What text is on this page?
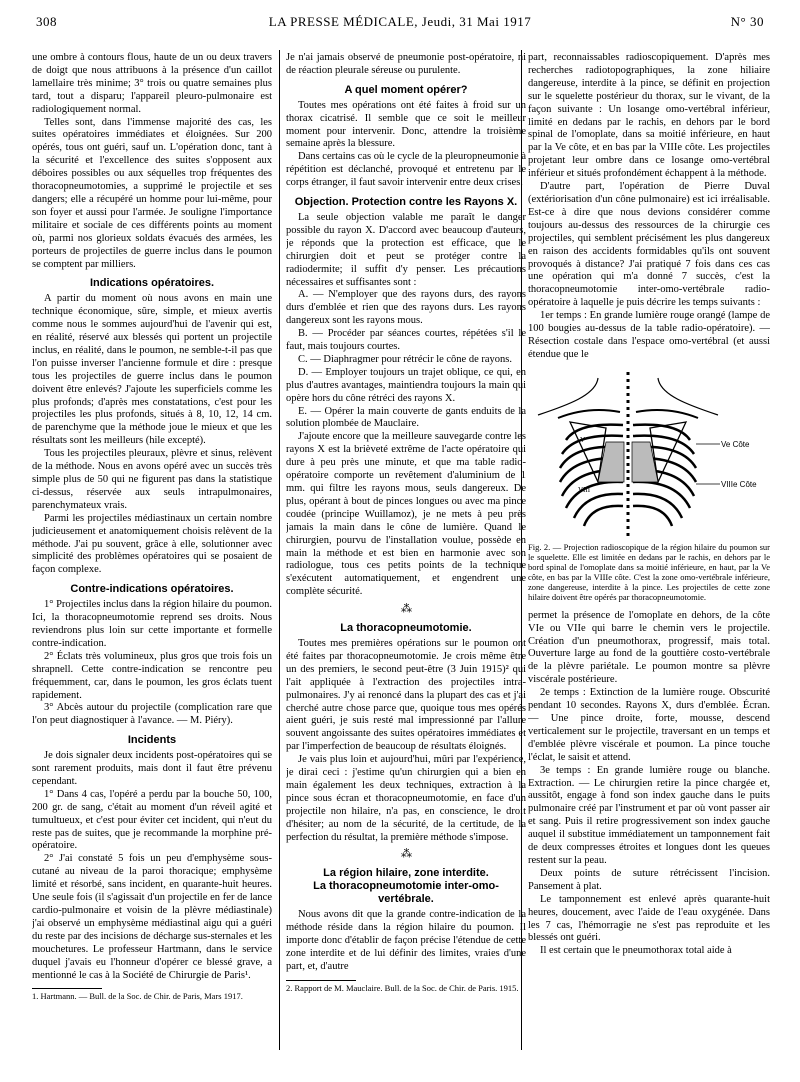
308	LA PRESSE MÉDICALE, Jeudi, 31 Mai 1917	N° 30

une ombre à contours flous, haute de un ou deux travers de doigt que nous attribuons à la présence d'un caillot lamellaire très minime; 3° trois ou quatre semaines plus tard, tout a disparu; l'appareil pleuro-pulmonaire est radiologiquement normal.

Telles sont, dans l'immense majorité des cas, les suites opératoires immédiates et éloignées. Sur 200 opérés, tous ont guéri, sauf un. L'opération donc, tant à la sécurité et l'excellence des suites s'opposent aux déboires possibles ou aux séquelles trop fréquentes des thoracopneumotomies, a supprimé le projectile et ses dangers; elle a récupéré un homme pour lui-même, pour son foyer et aussi pour l'armée. Je souligne l'importance militaire et sociale de ces différents points au moment où, parmi nos glorieux soldats évacués des armées, les porteurs de projectiles de guerre inclus dans le poumon se comptent par milliers.

Indications opératoires.

A partir du moment où nous avons en main une technique économique, sûre, simple, et mieux avertis comme nous le sommes aujourd'hui de l'avenir qui est, en réalité, réservé aux blessés qui portent un projectile inclus, en réalité, dans le poumon, ne semble-t-il pas que l'on puisse inverser l'ancienne formule et dire : presque tous les projectiles de guerre inclus dans le poumon doivent être enlevés? J'ajoute les superficiels comme les plus profonds; d'après mes constatations, c'est pour les projectiles les plus profonds, situés à 8, 10, 12, 14 cm. de parenchyme que la méthode joue le mieux et que les résultats sont les meilleurs (hile excepté).

Tous les projectiles pleuraux, plèvre et sinus, relèvent de la méthode. Nous en avons opéré avec un succès très simple plus de 50 qui ne figurent pas dans la statistique ci-dessus, réservée aux seuls intrapulmonaires, parenchymateux vrais.

Parmi les projectiles médiastinaux un certain nombre judicieusement et anatomiquement choisis relèvent de la méthode. J'ai pu souvent, grâce à elle, solutionner avec simplicité des problèmes opératoires qui se posaient de façon complexe.

Contre-indications opératoires.

1° Projectiles inclus dans la région hilaire du poumon. Ici, la thoracopneumotomie reprend ses droits. Nous reviendrons plus loin sur cette importante et formelle contre-indication.

2° Éclats très volumineux, plus gros que trois fois un shrapnell. Cette contre-indication se rencontre peu fréquemment, car, dans le poumon, les gros éclats tuent rapidement.

3° Abcès autour du projectile (complication rare que l'on peut diagnostiquer à l'avance. — M. Piéry).

Incidents

Je dois signaler deux incidents post-opératoires qui se sont rarement produits, mais dont il faut être prévenu cependant.

1° Dans 4 cas, l'opéré a perdu par la bouche 50, 100, 200 gr. de sang, c'était au moment d'un réveil agité et tumultueux, et c'est pour éviter cet incident, qui n'eut du reste pas de suites, que je recommande la morphine pré-opératoire.

2° J'ai constaté 5 fois un peu d'emphysème sous-cutané au niveau de la paroi thoracique; emphysème limité et résorbé, sans incident, en quarante-huit heures. Une seule fois (il s'agissait d'un projectile en fer de lance cardio-pulmonaire et voisin de la plèvre médiastinale) j'ai observé un emphysème médiastinal aigu qui a guéri du reste par des incisions de décharge sus-sternales et les mouchetures. Le professeur Hartmann, dans le service duquel j'avais eu l'honneur d'opérer ce blessé grave, a mentionné le cas à la Société de Chirurgie de Paris¹.

1. Hartmann. — Bull. de la Soc. de Chir. de Paris, Mars 1917.

Je n'ai jamais observé de pneumonie post-opératoire, ni de réaction pleurale séreuse ou purulente.

A quel moment opérer?

Toutes mes opérations ont été faites à froid sur un thorax cicatrisé. Il semble que ce soit le meilleur moment pour intervenir. Donc, attendre la troisième semaine après la blessure.

Dans certains cas où le cycle de la pleuropneumonie à répétition est déclanché, provoqué et entretenu par le corps étranger, il faut savoir intervenir entre deux crises.

Objection. Protection contre les Rayons X.

La seule objection valable me paraît le danger possible du rayon X. D'accord avec beaucoup d'auteurs, je réponds que la protection est efficace, que le chirurgien doit et peut se protéger contre la radiodermite; il suffit d'y penser. Les précautions nécessaires et suffisantes sont :

A. — N'employer que des rayons durs, des rayons durs d'emblée et rien que des rayons durs. Les rayons dangereux sont les rayons mous.

B. — Procéder par séances courtes, répétées s'il le faut, mais toujours courtes.

C. — Diaphragmer pour rétrécir le cône de rayons.

D. — Employer toujours un trajet oblique, ce qui, en plus d'autres avantages, maintiendra toujours la main qui opère hors du cône rétréci des rayons X.

E. — Opérer la main couverte de gants enduits de la solution plombée de Mauclaire.

J'ajoute encore que la meilleure sauvegarde contre les rayons X est la brièveté extrême de l'acte opératoire qui dure à peu près une minute, et que ma table radio-opératoire comporte un revêtement d'aluminium de 1 mm. qui filtre les rayons mous, seuls dangereux. De plus, opérant à bout de pinces longues ou avec ma pince coudée (principe Wuillamoz), je ne mets à peu près jamais la main dans le cône de lumière. Quand le chirurgien, pourvu de l'installation voulue, possède en main la méthode et est bien en harmonie avec son radiologue, tous ces petits points de la technique s'exécutent automatiquement, et engendrent une complète sécurité.

⁂
La thoracopneumotomie.

Toutes mes premières opérations sur le poumon ont été faites par thoracopneumotomie. Je crois même être un des premiers, le second peut-être (3 Juin 1915)² qui l'ait appliquée à l'extraction des projectiles intra-pulmonaires. J'y ai renoncé dans la plupart des cas et j'ai cherché autre chose parce que, quoique tous mes opérés aient guéri, je suis resté mal impressionné par l'allure souvent angoissante des suites opératoires immédiates et par l'imperfection de beaucoup de résultats éloignés.

Je vais plus loin et aujourd'hui, mûri par l'expérience, je dirai ceci : j'estime qu'un chirurgien qui a bien en main également les deux techniques, extraction à la pince sous écran et thoracopneumotomie, en face d'un projectile non hilaire, n'a pas, en conscience, le droit d'hésiter; au nom de la sécurité, de la certitude, de la perfection du résultat, la première méthode s'impose.

⁂
La région hilaire, zone interdite.
La thoracopneumotomie inter-omo-vertébrale.

Nous avons dit que la grande contre-indication de la méthode réside dans la région hilaire du poumon. Il importe donc d'établir de façon précise l'étendue de cette zone interdite et de lui définir des limites, vraies d'une part, et, d'autre

2. Rapport de M. Mauclaire. Bull. de la Soc. de Chir. de Paris. 1915.

part, reconnaissables radioscopiquement. D'après mes recherches radiotopographiques, la zone hiliaire dangereuse, interdite à la pince, se définit en projection sur le squelette postérieur du thorax, sur le vivant, de la façon suivante : Un losange omo-vertébral inférieur, limité en dedans par le rachis, en dehors par le bord spinal de l'omoplate, dans sa moitié inférieure, en haut par la Ve côte, et en bas par la VIIIe côte. Les projectiles projetant leur ombre dans ce losange omo-vertébral inférieur et situés profondément échappent à la méthode.

D'autre part, l'opération de Pierre Duval (extériorisation d'un cône pulmonaire) est ici irréalisable. Est-ce à dire que nous devions considérer comme toujours au-dessus des ressources de la chirurgie ces projectiles, qui semblent précisément les plus dangereux en raison des accidents formidables qu'ils ont souvent provoqués à distance? J'ai pratiqué 7 fois dans ces cas une opération qui m'a donné 7 succès, c'est la thoracopneumotomie inter-omo-vertébrale radio-opératoire à laquelle je puis décrire les temps suivants :

1er temps : En grande lumière rouge orangé (lampe de 100 bougies au-dessus de la table radio-opératoire). — Résection costale dans l'espace omo-vertébral (et aussi étendue que le

V
VIII
Ve Côte
VIIIe Côte
Fig. 2. — Projection radioscopique de la région hilaire du poumon sur le squelette. Elle est limitée en dedans par le rachis, en dehors par le bord spinal de l'omoplate dans sa moitié inférieure, en haut, par la Ve côte, en bas par la VIIIe côte. C'est la zone omo-vertébrale inférieure, zone dangereuse, interdite à la pince. Les projectiles de cette zone hilaire doivent être opérés par thoracopneumotomie.

permet la présence de l'omoplate en dehors, de la côte VIe ou VIIe qui barre le chemin vers le projectile. Création d'un pneumothorax, progressif, mais total. Ouverture large au fond de la gouttière costo-vertébrale de la plèvre pariétale. Le poumon montre sa plèvre viscérale postérieure.

2e temps : Extinction de la lumière rouge. Obscurité pendant 10 secondes. Rayons X, durs d'emblée. Écran. — Une pince droite, forte, mousse, descend verticalement sur le projectile, traversant en un temps et d'emblée plèvre viscérale et poumon. La pince touche l'éclat, le saisit et attend.

3e temps : En grande lumière rouge ou blanche. Extraction. — Le chirurgien retire la pince chargée et, aussitôt, engage à fond son index gauche dans le puits pulmonaire créé par l'instrument et par où vont passer air et sang. Puis il retire progressivement son index gauche auquel il substitue immédiatement un tamponnement fait de deux compresses étroites et longues dont les queues restent sur la peau.

Deux points de suture rétrécissent l'incision. Pansement à plat.

Le tamponnement est enlevé après quarante-huit heures, doucement, avec l'aide de l'eau oxygénée. Dans les 7 cas, l'hémorragie ne s'est pas reproduite et les blessés ont guéri.

Il est certain que le pneumothorax total aide à
